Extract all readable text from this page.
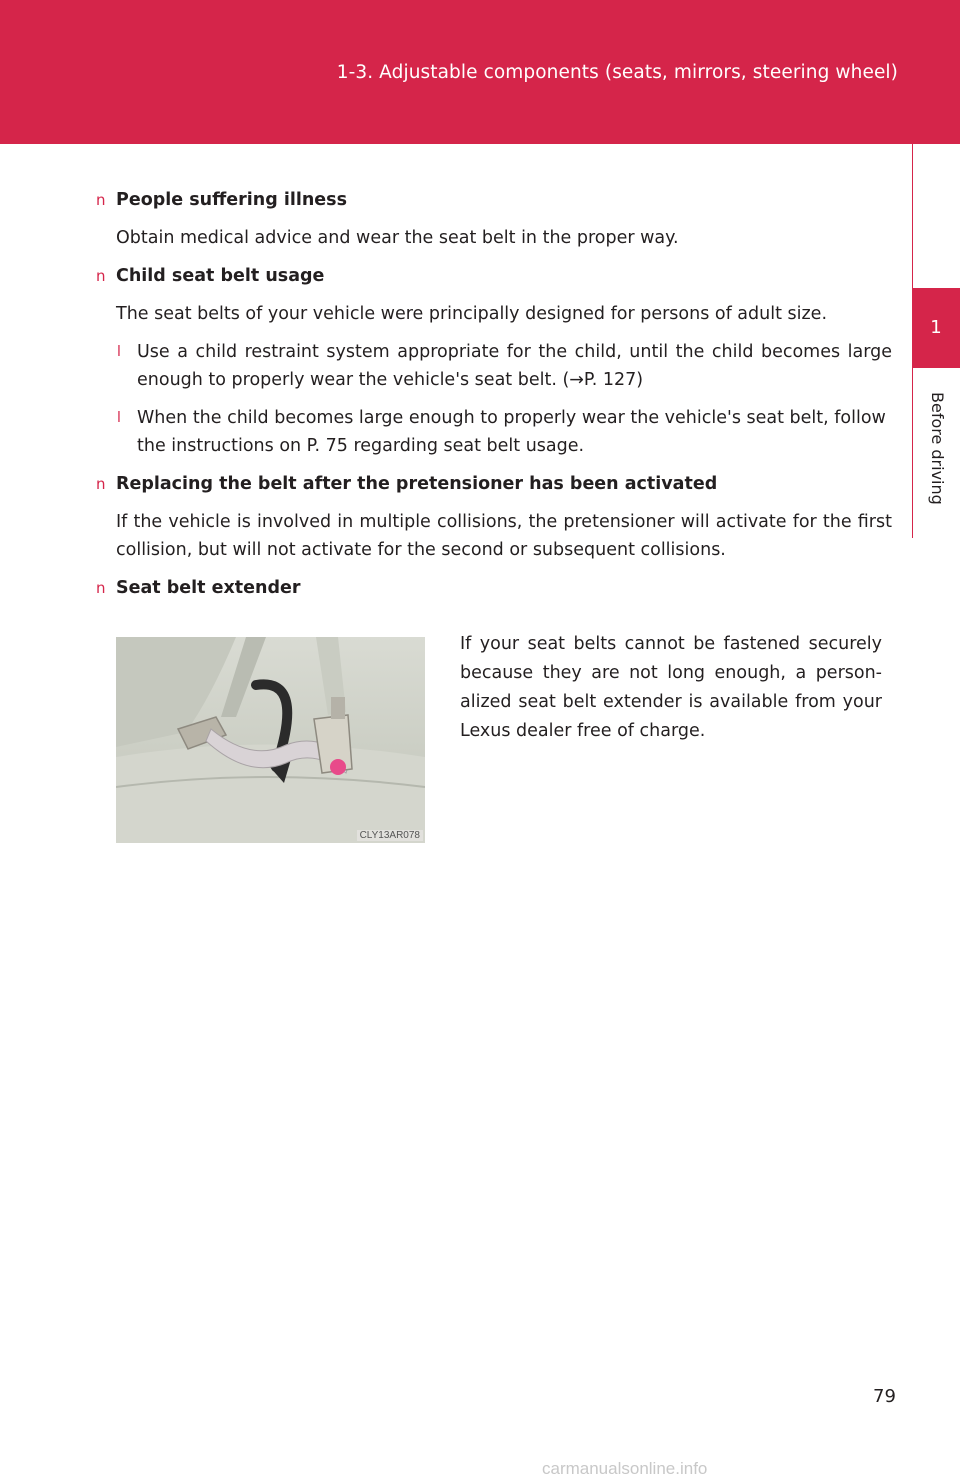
1-3. Adjustable components (seats, mirrors, steering wheel)
1
Before driving
n People suffering illness
Obtain medical advice and wear the seat belt in the proper way.
n Child seat belt usage
The seat belts of your vehicle were principally designed for persons of adult size.
l Use a child restraint system appropriate for the child, until the child becomes large enough to properly wear the vehicle's seat belt. (→P. 127)
l When the child becomes large enough to properly wear the vehicle's seat belt, follow the instructions on P. 75 regarding seat belt usage.
n Replacing the belt after the pretensioner has been activated
If the vehicle is involved in multiple collisions, the pretensioner will activate for the first collision, but will not activate for the second or subsequent collisions.
n Seat belt extender
CLY13AR078
If your seat belts cannot be fastened securely because they are not long enough, a person-alized seat belt extender is available from your Lexus dealer free of charge.
79
carmanualsonline.info
